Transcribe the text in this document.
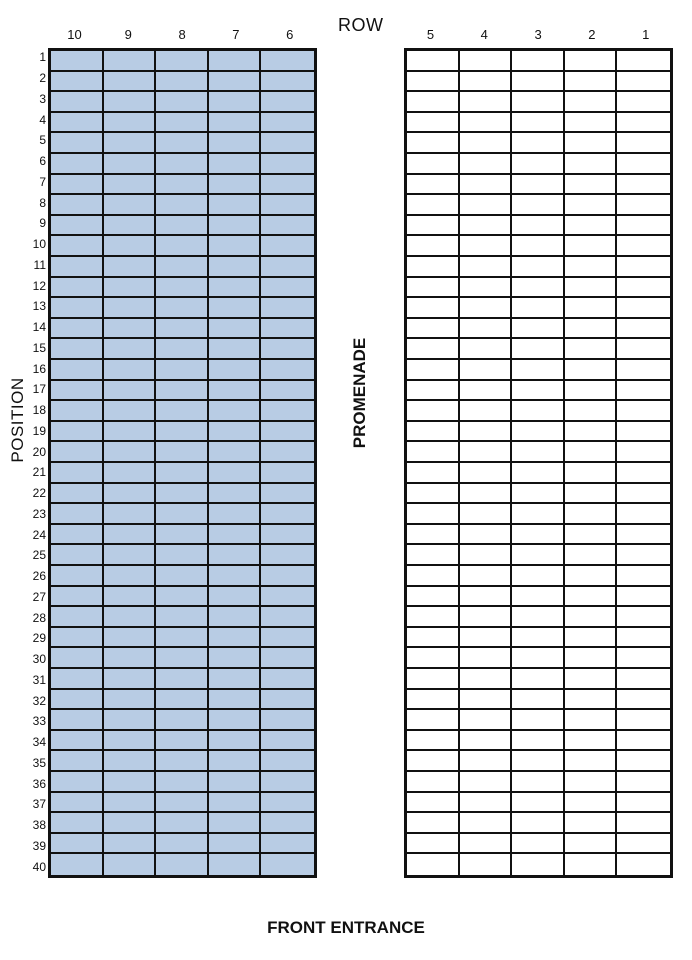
ROW
10	9	8	7	6	5	4	3	2	1
1
2
3
4
5
6
7
8
9
10
11
12
13
14
15
16
17
18
19
20
21
22
23
24
25
26
27
28
29
30
31
32
33
34
35
36
37
38
39
40
POSITION	PROMENADE
FRONT ENTRANCE
